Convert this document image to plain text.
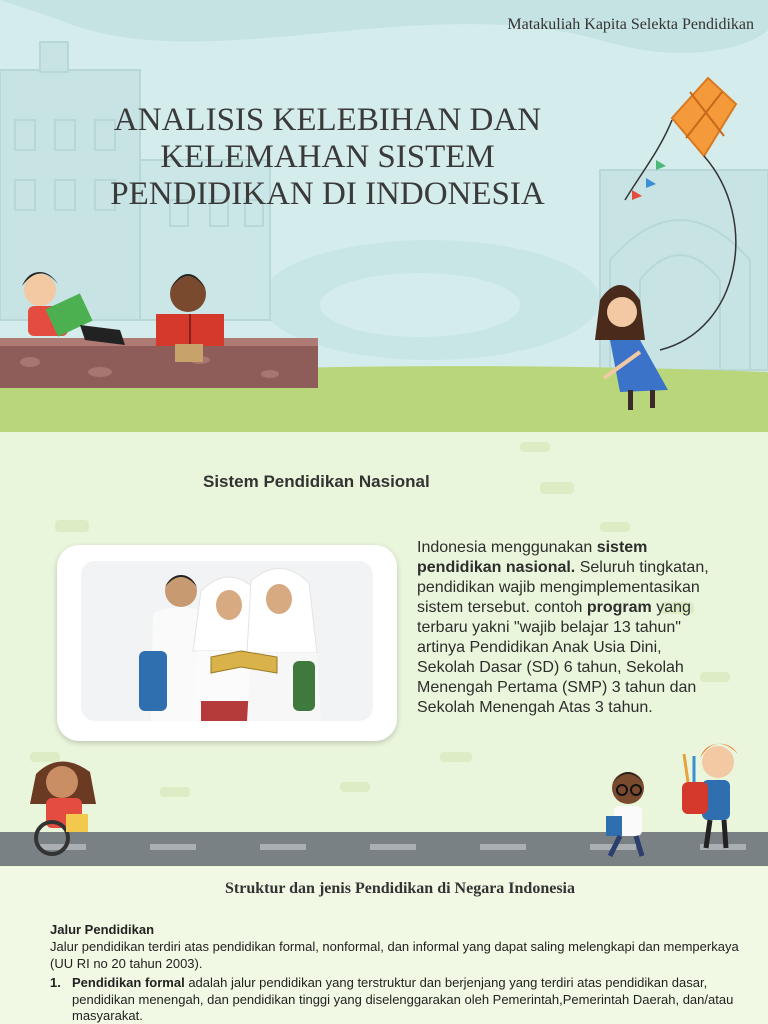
Matakuliah Kapita Selekta Pendidikan
ANALISIS KELEBIHAN DAN
KELEMAHAN SISTEM
PENDIDIKAN DI INDONESIA
Sistem Pendidikan Nasional
Indonesia menggunakan sistem pendidikan nasional. Seluruh tingkatan, pendidikan wajib mengimplementasikan sistem tersebut. contoh program yang terbaru yakni "wajib belajar 13 tahun" artinya Pendidikan Anak Usia Dini, Sekolah Dasar (SD) 6 tahun, Sekolah Menengah Pertama (SMP) 3 tahun dan Sekolah Menengah Atas 3 tahun.
Struktur dan jenis Pendidikan di Negara Indonesia
Jalur Pendidikan
Jalur pendidikan terdiri atas pendidikan formal, nonformal, dan informal yang dapat saling melengkapi dan memperkaya (UU RI no 20 tahun 2003).
1. Pendidikan formal adalah jalur pendidikan yang terstruktur dan berjenjang yang terdiri atas pendidikan dasar, pendidikan menengah, dan pendidikan tinggi yang diselenggarakan oleh Pemerintah,Pemerintah Daerah, dan/atau masyarakat.
